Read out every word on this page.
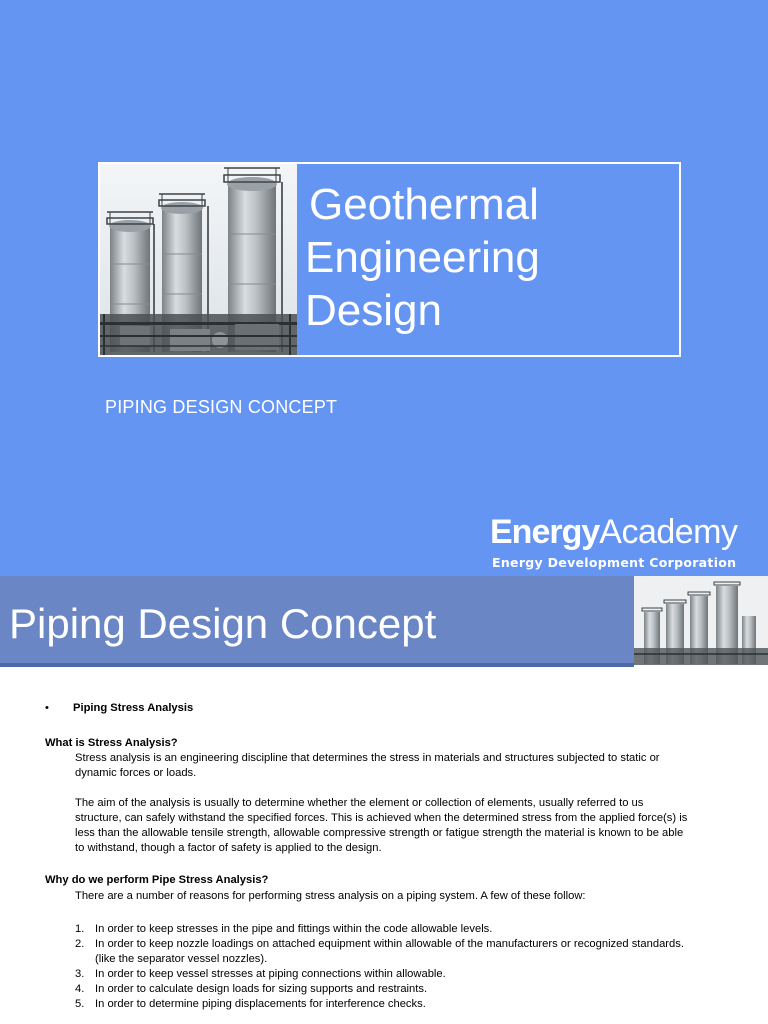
Geothermal
Engineering
Design
PIPING DESIGN CONCEPT
EnergyAcademy
Energy Development Corporation
Piping Design Concept
• Piping Stress Analysis
What is Stress Analysis?
Stress analysis is an engineering discipline that determines the stress in materials and structures subjected to static or
dynamic forces or loads.
The aim of the analysis is usually to determine whether the element or collection of elements, usually referred to us
structure, can safely withstand the specified forces. This is achieved when the determined stress from the applied force(s) is
less than the allowable tensile strength, allowable compressive strength or fatigue strength the material is known to be able
to withstand, though a factor of safety is applied to the design.
Why do we perform Pipe Stress Analysis?
There are a number of reasons for performing stress analysis on a piping system. A few of these follow:
1. In order to keep stresses in the pipe and fittings within the code allowable levels.
2. In order to keep nozzle loadings on attached equipment within allowable of the manufacturers or recognized standards.
(like the separator vessel nozzles).
3. In order to keep vessel stresses at piping connections within allowable.
4. In order to calculate design loads for sizing supports and restraints.
5. In order to determine piping displacements for interference checks.
